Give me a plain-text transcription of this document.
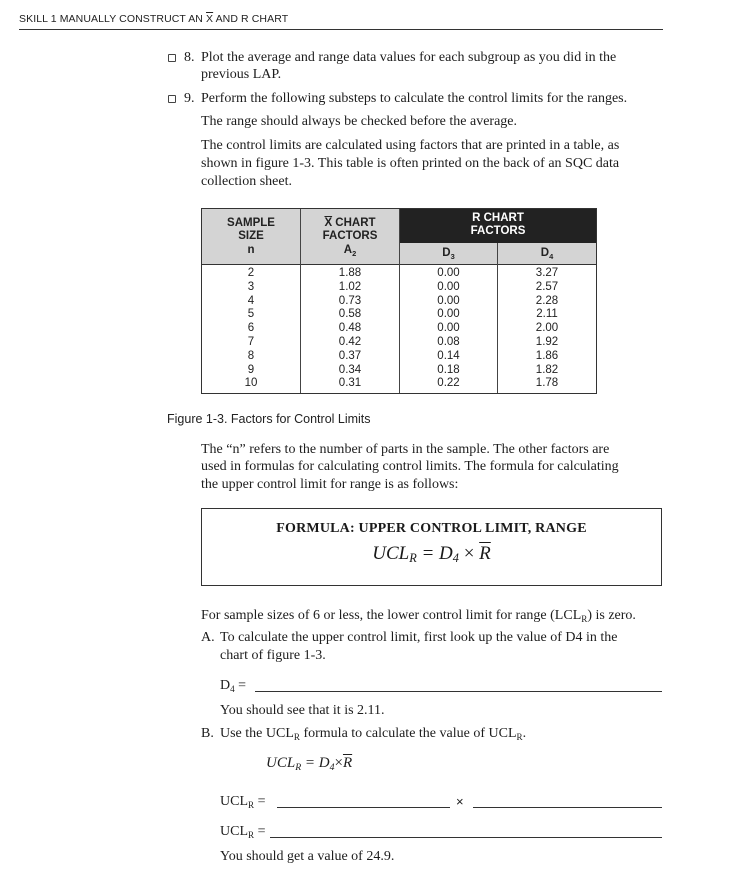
SKILL 1 MANUALLY CONSTRUCT AN $\overline{X}$ AND R CHART
8. Plot the average and range data values for each subgroup as you did in the
previous LAP.
9. Perform the following substeps to calculate the control limits for the ranges.
The range should always be checked before the average.
The control limits are calculated using factors that are printed in a table, as
shown in figure 1-3. This table is often printed on the back of an SQC data
collection sheet.
SAMPLE
SIZE
n
$\overline{X}$ CHART
FACTORS
$A_2$
R CHART
FACTORS
$D_3$	$D_4$
2
3
4
5
6
7
8
9
10
1.88
1.02
0.73
0.58
0.48
0.42
0.37
0.34
0.31
0.00
0.00
0.00
0.00
0.00
0.08
0.14
0.18
0.22
3.27
2.57
2.28
2.11
2.00
1.92
1.86
1.82
1.78
Figure 1-3. Factors for Control Limits
The “n” refers to the number of parts in the sample. The other factors are
used in formulas for calculating control limits. The formula for calculating
the upper control limit for range is as follows:
FORMULA: UPPER CONTROL LIMIT, RANGE
$UCL_R = D_4 \times \overline{R}$
For sample sizes of 6 or less, the lower control limit for range $(LCL_R)$ is zero.
A. To calculate the upper control limit, first look up the value of D4 in the
chart of figure 1-3.
$D_4$ =
You should see that it is 2.11.
B. Use the $UCL_R$ formula to calculate the value of $UCL_R$.
$UCL_R = D_4\times\overline{R}$
$UCL_R$ =	×
$UCL_R$ =
You should get a value of 24.9.
